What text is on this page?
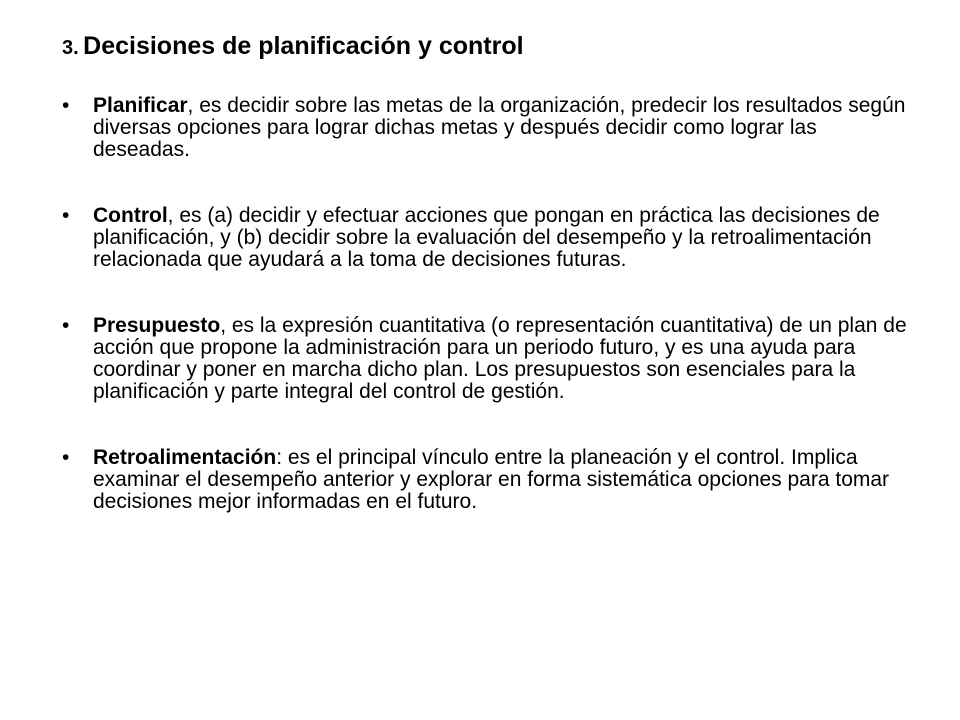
3. Decisiones de planificación y control
• Planificar, es decidir sobre las metas de la organización, predecir los resultados según diversas opciones para lograr dichas metas y después decidir como lograr las deseadas.
• Control, es (a) decidir y efectuar acciones que pongan en práctica las decisiones de planificación, y (b) decidir sobre la evaluación del desempeño y la retroalimentación relacionada que ayudará a la toma de decisiones futuras.
• Presupuesto, es la expresión cuantitativa (o representación cuantitativa) de un plan de acción que propone la administración para un periodo futuro, y es una ayuda para coordinar y poner en marcha dicho plan. Los presupuestos son esenciales para la planificación y parte integral del control de gestión.
• Retroalimentación: es el principal vínculo entre la planeación y el control. Implica examinar el desempeño anterior y explorar en forma sistemática opciones para tomar decisiones mejor informadas en el futuro.
